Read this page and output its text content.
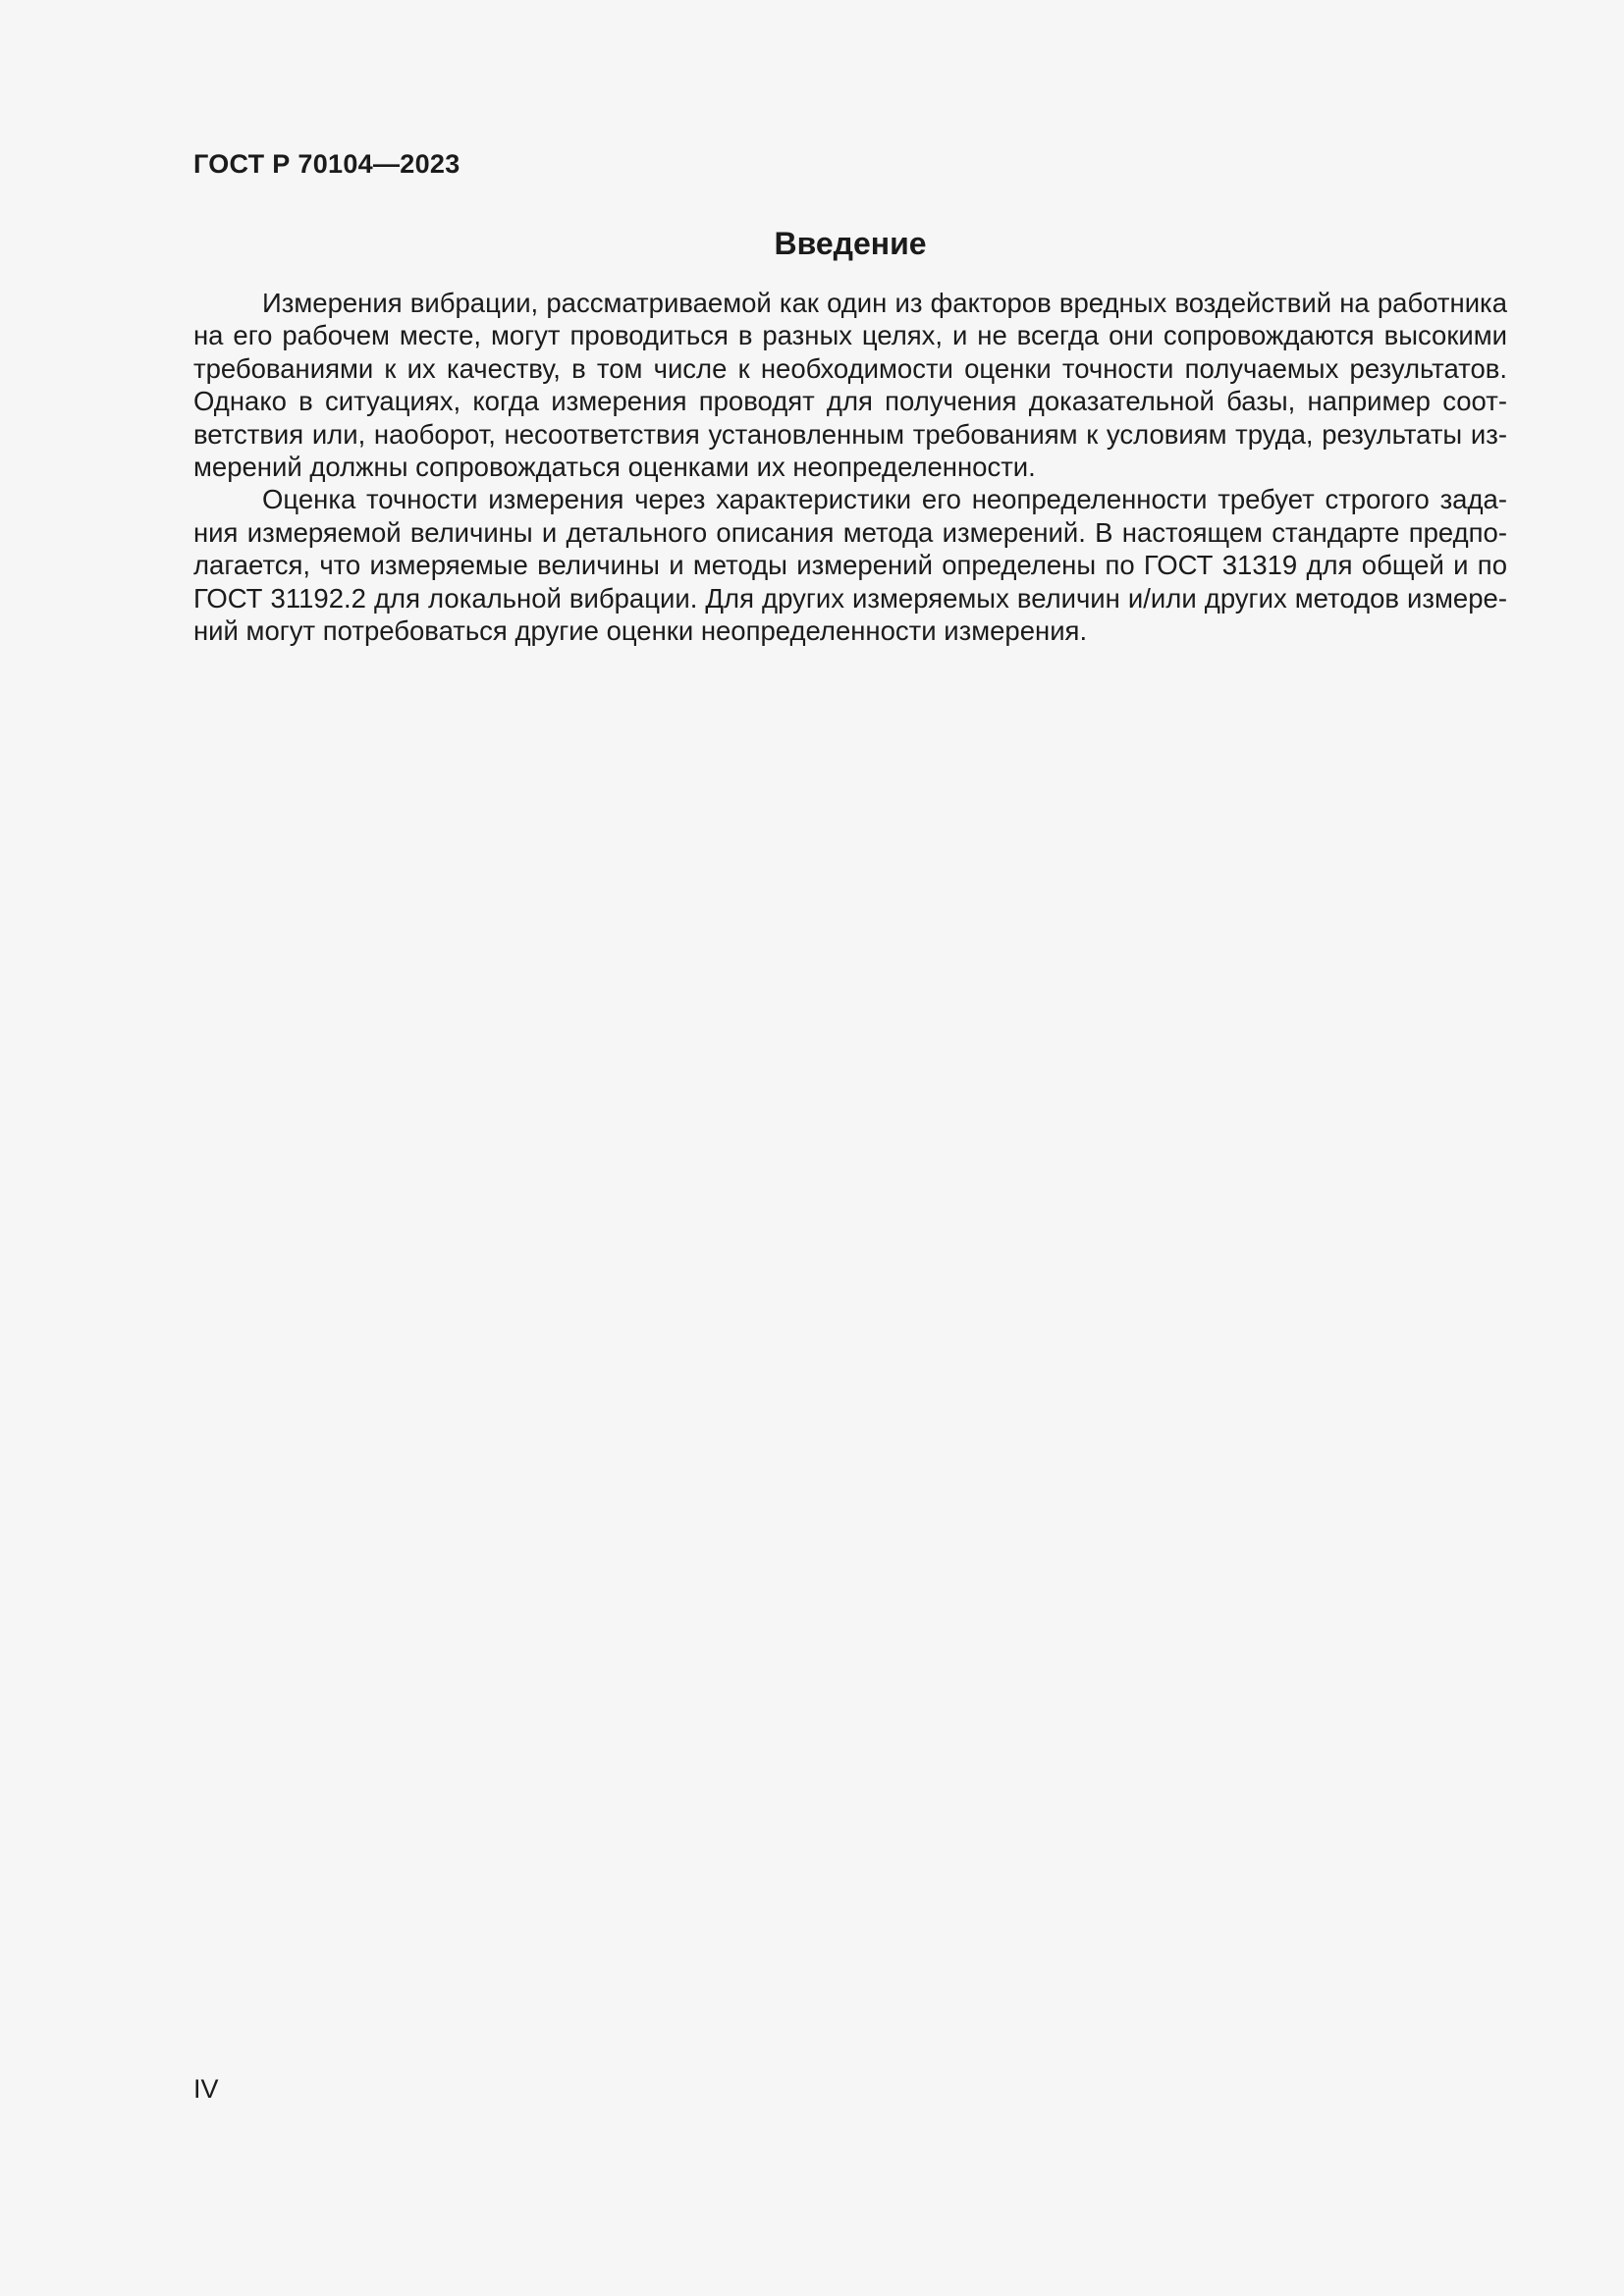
ГОСТ Р 70104—2023
Введение

Измерения вибрации, рассматриваемой как один из факторов вредных воздействий на работника на его рабочем месте, могут проводиться в разных целях, и не всегда они сопровождаются высокими требованиями к их качеству, в том числе к необходимости оценки точности получаемых результатов. Однако в ситуациях, когда измерения проводят для получения доказательной базы, например соответствия или, наоборот, несоответствия установленным требованиям к условиям труда, результаты измерений должны сопровождаться оценками их неопределенности.

Оценка точности измерения через характеристики его неопределенности требует строгого задания измеряемой величины и детального описания метода измерений. В настоящем стандарте предполагается, что измеряемые величины и методы измерений определены по ГОСТ 31319 для общей и по ГОСТ 31192.2 для локальной вибрации. Для других измеряемых величин и/или других методов измерений могут потребоваться другие оценки неопределенности измерения.

IV
